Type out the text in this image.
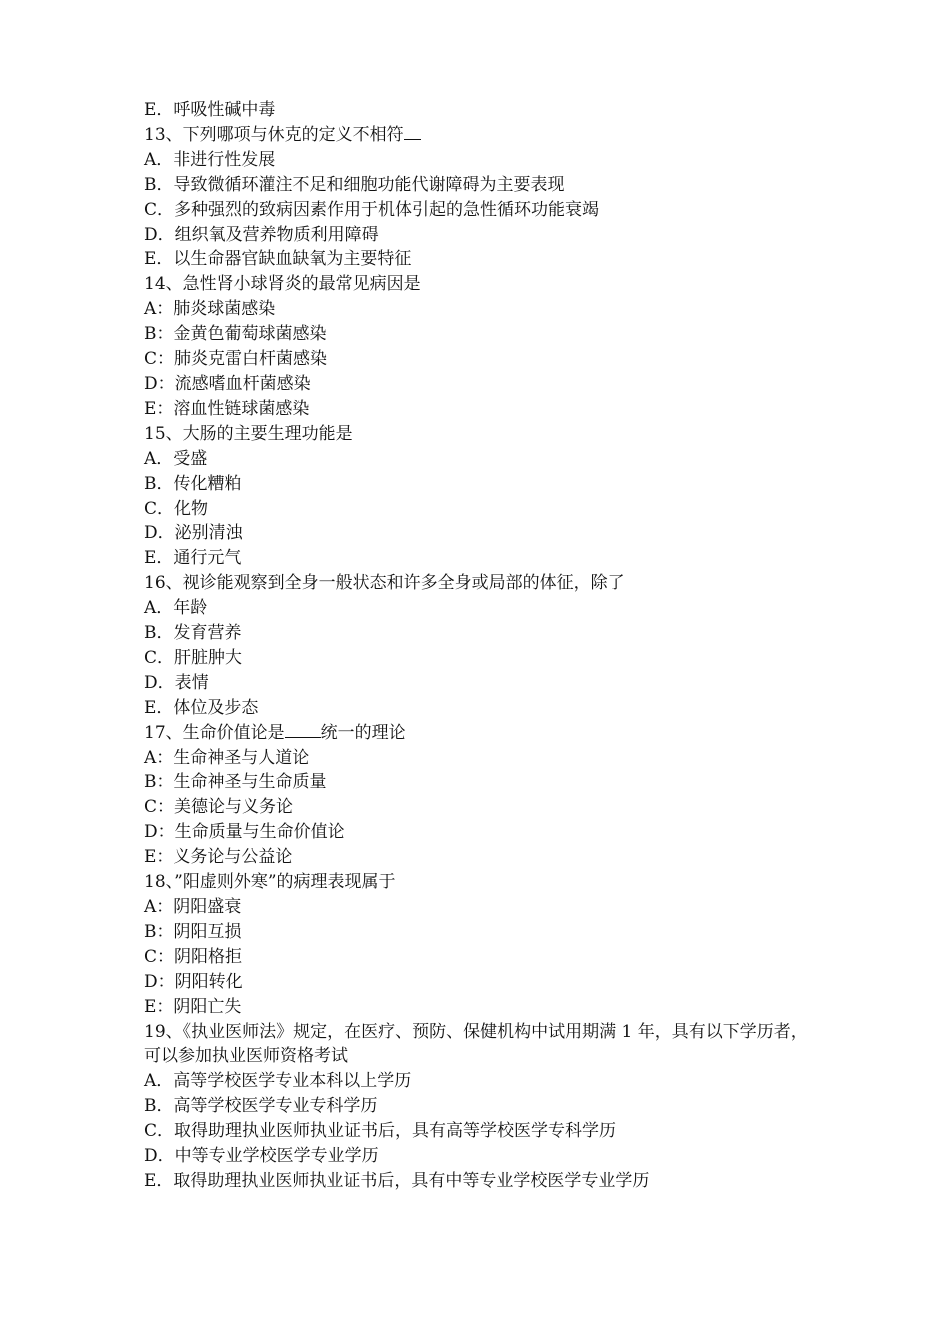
E．呼吸性碱中毒
13、下列哪项与休克的定义不相符
A．非进行性发展
B．导致微循环灌注不足和细胞功能代谢障碍为主要表现
C．多种强烈的致病因素作用于机体引起的急性循环功能衰竭
D．组织氧及营养物质利用障碍
E．以生命器官缺血缺氧为主要特征
14、急性肾小球肾炎的最常见病因是
A：肺炎球菌感染
B：金黄色葡萄球菌感染
C：肺炎克雷白杆菌感染
D：流感嗜血杆菌感染
E：溶血性链球菌感染
15、大肠的主要生理功能是
A．受盛
B．传化糟粕
C．化物
D．泌别清浊
E．通行元气
16、视诊能观察到全身一般状态和许多全身或局部的体征，除了
A．年龄
B．发育营养
C．肝脏肿大
D．表情
E．体位及步态
17、生命价值论是 统一的理论
A：生命神圣与人道论
B：生命神圣与生命质量
C：美德论与义务论
D：生命质量与生命价值论
E：义务论与公益论
18、”阳虚则外寒”的病理表现属于
A：阴阳盛衰
B：阴阳互损
C：阴阳格拒
D：阴阳转化
E：阴阳亡失
19、《执业医师法》规定，在医疗、预防、保健机构中试用期满 1 年，具有以下学历者，可以参加执业医师资格考试
A．高等学校医学专业本科以上学历
B．高等学校医学专业专科学历
C．取得助理执业医师执业证书后，具有高等学校医学专科学历
D．中等专业学校医学专业学历
E．取得助理执业医师执业证书后，具有中等专业学校医学专业学历
